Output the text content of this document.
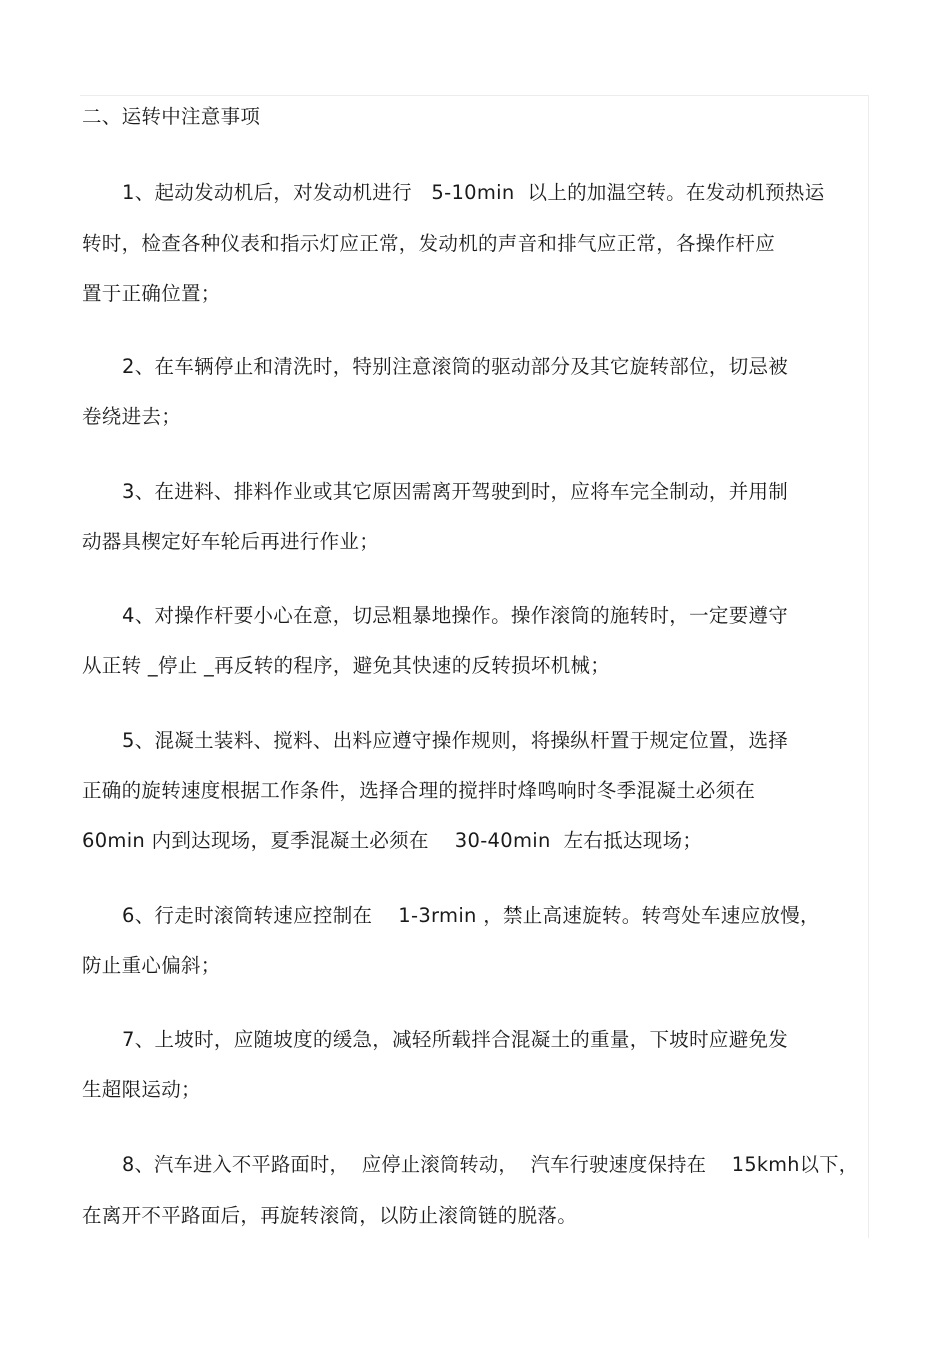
二、运转中注意事项
1、起动发动机后，对发动机进行   5-10min  以上的加温空转。在发动机预热运
转时，检查各种仪表和指示灯应正常，发动机的声音和排气应正常，各操作杆应
置于正确位置；
2、在车辆停止和清洗时，特别注意滚筒的驱动部分及其它旋转部位，切忌被
卷绕进去；
3、在进料、排料作业或其它原因需离开驾驶到时，应将车完全制动，并用制
动器具楔定好车轮后再进行作业；
4、对操作杆要小心在意，切忌粗暴地操作。操作滚筒的施转时，一定要遵守
从正转 _停止 _再反转的程序，避免其快速的反转损坏机械；
5、混凝土装料、搅料、出料应遵守操作规则，将操纵杆置于规定位置，选择
正确的旋转速度根据工作条件，选择合理的搅拌时烽鸣响时冬季混凝土必须在
60min 内到达现场，夏季混凝土必须在    30-40min  左右抵达现场；
6、行走时滚筒转速应控制在    1-3rmin ，禁止高速旋转。转弯处车速应放慢，
防止重心偏斜；
7、上坡时，应随坡度的缓急，减轻所载拌合混凝土的重量，下坡时应避免发
生超限运动；
8、汽车进入不平路面时，  应停止滚筒转动，  汽车行驶速度保持在    15kmh以下，
在离开不平路面后，再旋转滚筒，以防止滚筒链的脱落。
